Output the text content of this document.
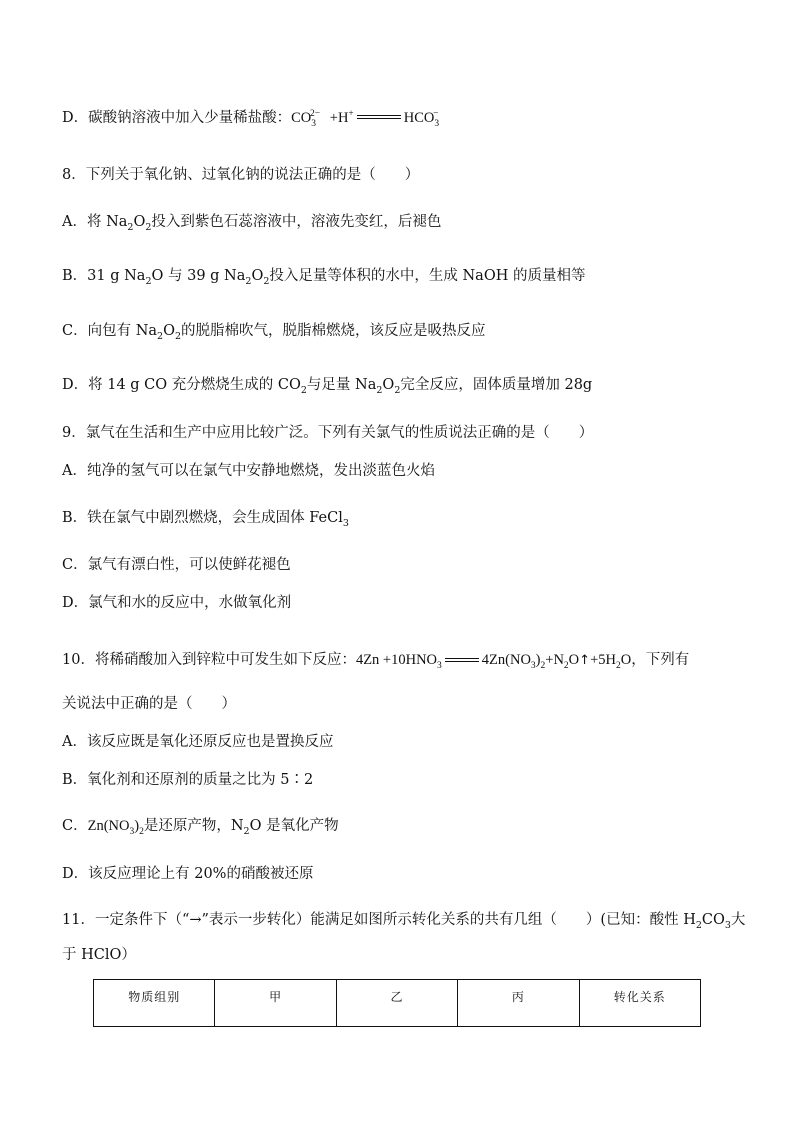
D．碳酸钠溶液中加入少量稀盐酸：$CO_3^{2-} +H^+$	$HCO_3^-$
8．下列关于氧化钠、过氧化钠的说法正确的是（　　）
A．将 $Na_2O_2$投入到紫色石蕊溶液中，溶液先变红，后褪色
B．31 g $Na_2O$ 与 39 g $Na_2O_2$投入足量等体积的水中，生成 NaOH 的质量相等
C．向包有 $Na_2O_2$的脱脂棉吹气，脱脂棉燃烧，该反应是吸热反应
D．将 14 g CO 充分燃烧生成的 $CO_2$与足量 $Na_2O_2$完全反应，固体质量增加 28g
9．氯气在生活和生产中应用比较广泛。下列有关氯气的性质说法正确的是（　　）
A．纯净的氢气可以在氯气中安静地燃烧，发出淡蓝色火焰
B．铁在氯气中剧烈燃烧，会生成固体 FeCl$_3$
C．氯气有漂白性，可以使鲜花褪色
D．氯气和水的反应中，水做氧化剂
10．将稀硝酸加入到锌粒中可发生如下反应：$4Zn +10HNO_3$	$4Zn(NO_3)_2+N_2O↑+5H_2O$，下列有
关说法中正确的是（　　）
A．该反应既是氧化还原反应也是置换反应
B．氧化剂和还原剂的质量之比为 5∶2
C．$Zn(NO_3)_2$是还原产物，$N_2O$ 是氧化产物
D．该反应理论上有 20%的硝酸被还原
11．一定条件下（“→”表示一步转化）能满足如图所示转化关系的共有几组（　　）(已知：酸性 $H_2CO_3$大
于 HClO）
物质组别	甲	乙	丙	转化关系
